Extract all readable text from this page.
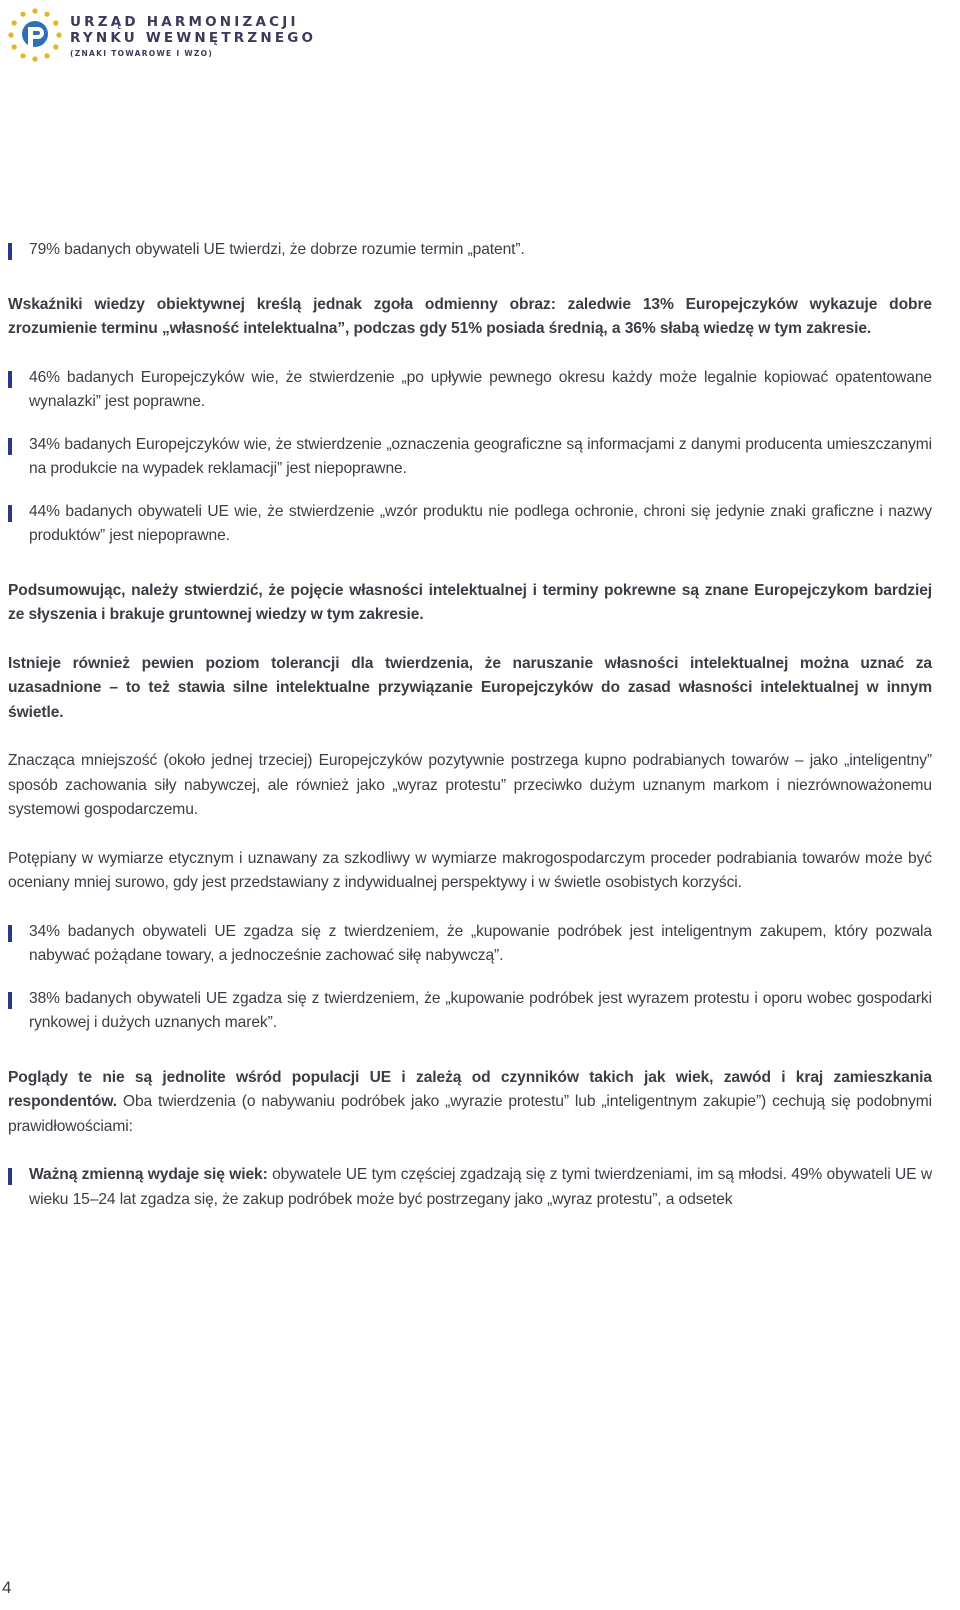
URZĄD HARMONIZACJI
RYNKU WEWNĘTRZNEGO
(ZNAKI TOWAROWE I WZO)
79% badanych obywateli UE twierdzi, że dobrze rozumie termin „patent”.

Wskaźniki wiedzy obiektywnej kreślą jednak zgoła odmienny obraz: zaledwie 13% Europejczyków wykazuje dobre zrozumienie terminu „własność intelektualna”, podczas gdy 51% posiada średnią, a 36% słabą wiedzę w tym zakresie.

46% badanych Europejczyków wie, że stwierdzenie „po upływie pewnego okresu każdy może legalnie kopiować opatentowane wynalazki” jest poprawne.
34% badanych Europejczyków wie, że stwierdzenie „oznaczenia geograficzne są informacjami z danymi producenta umieszczanymi na produkcie na wypadek reklamacji” jest niepoprawne.
44% badanych obywateli UE wie, że stwierdzenie „wzór produktu nie podlega ochronie, chroni się jedynie znaki graficzne i nazwy produktów” jest niepoprawne.

Podsumowując, należy stwierdzić, że pojęcie własności intelektualnej i terminy pokrewne są znane Europejczykom bardziej ze słyszenia i brakuje gruntownej wiedzy w tym zakresie.

Istnieje również pewien poziom tolerancji dla twierdzenia, że naruszanie własności intelektualnej można uznać za uzasadnione – to też stawia silne intelektualne przywiązanie Europejczyków do zasad własności intelektualnej w innym świetle.

Znacząca mniejszość (około jednej trzeciej) Europejczyków pozytywnie postrzega kupno podrabianych towarów – jako „inteligentny” sposób zachowania siły nabywczej, ale również jako „wyraz protestu” przeciwko dużym uznanym markom i niezrównoważonemu systemowi gospodarczemu.

Potępiany w wymiarze etycznym i uznawany za szkodliwy w wymiarze makrogospodarczym proceder podrabiania towarów może być oceniany mniej surowo, gdy jest przedstawiany z indywidualnej perspektywy i w świetle osobistych korzyści.

34% badanych obywateli UE zgadza się z twierdzeniem, że „kupowanie podróbek jest inteligentnym zakupem, który pozwala nabywać pożądane towary, a jednocześnie zachować siłę nabywczą”.
38% badanych obywateli UE zgadza się z twierdzeniem, że „kupowanie podróbek jest wyrazem protestu i oporu wobec gospodarki rynkowej i dużych uznanych marek”.

Poglądy te nie są jednolite wśród populacji UE i zależą od czynników takich jak wiek, zawód i kraj zamieszkania respondentów. Oba twierdzenia (o nabywaniu podróbek jako „wyrazie protestu” lub „inteligentnym zakupie”) cechują się podobnymi prawidłowościami:

Ważną zmienną wydaje się wiek: obywatele UE tym częściej zgadzają się z tymi twierdzeniami, im są młodsi. 49% obywateli UE w wieku 15–24 lat zgadza się, że zakup podróbek może być postrzegany jako „wyraz protestu”, a odsetek
4
